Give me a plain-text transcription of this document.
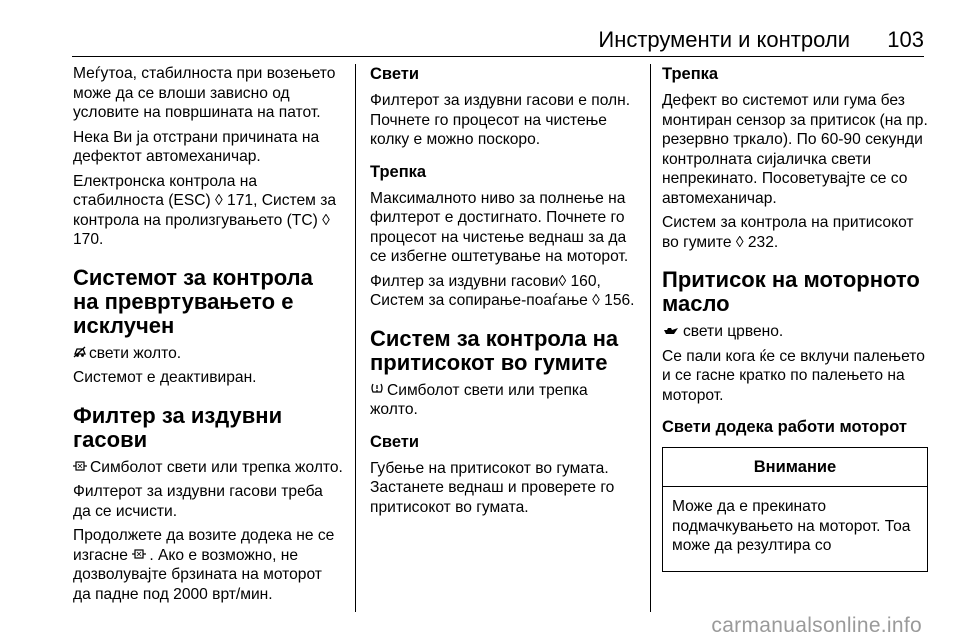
Инструменти и контроли 103

Меѓутоа, стабилноста при возењето може да се влоши зависно од условите на површината на патот.

Нека Ви ја отстрани причината на дефектот автомеханичар.

Електронска контрола на стабилноста (ESC) ◊ 171, Систем за контрола на пролизгувањето (TC) ◊ 170.

Системот за контрола на превртувањето е исклучен

свети жолто.

Системот е деактивиран.

Филтер за издувни гасови

Симболот свети или трепка жолто.

Филтерот за издувни гасови треба да се исчисти.

Продолжете да возите додека не се изгасне . Ако е возможно, не дозволувајте брзината на моторот да падне под 2000 врт/мин.

Свети

Филтерот за издувни гасови е полн. Почнете го процесот на чистење колку е можно поскоро.

Трепка

Максималното ниво за полнење на филтерот е достигнато. Почнете го процесот на чистење веднаш за да се избегне оштетување на моторот.

Филтер за издувни гасови◊ 160, Систем за сопирање-поаѓање ◊ 156.

Систем за контрола на притисокот во гумите

Симболот свети или трепка жолто.

Свети

Губење на притисокот во гумата. Застанете веднаш и проверете го притисокот во гумата.

Трепка

Дефект во системот или гума без монтиран сензор за притисок (на пр. резервно тркало). По 60-90 секунди контролната сијаличка свети непрекинато. Посоветувајте се со автомеханичар.

Систем за контрола на притисокот во гумите ◊ 232.

Притисок на моторното масло

свети црвено.

Се пали кога ќе се вклучи палењето и се гасне кратко по палењето на моторот.

Свети додека работи моторот
Внимание

Може да е прекинато подмачкувањето на моторот. Тоа може да резултира со

carmanualsonline.info
